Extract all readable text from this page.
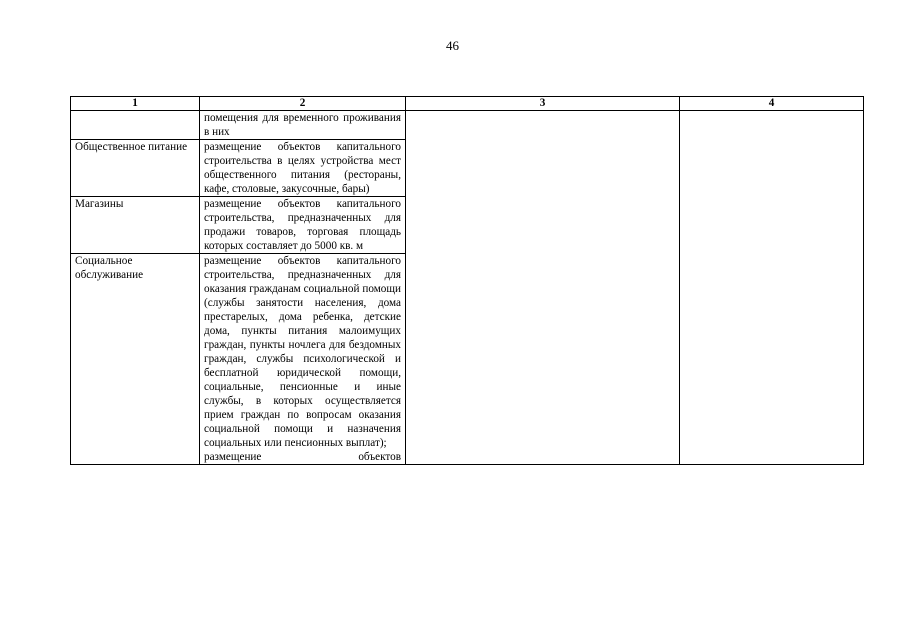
46
1	2	3	4

	помещения для временного проживания в них		

Общественное питание	размещение объектов капитального строительства в целях устройства мест общественного питания (рестораны, кафе, столовые, закусочные, бары)		

Магазины	размещение объектов капитального строительства, предназначенных для продажи товаров, торговая площадь которых составляет до 5000 кв. м		

Социальное обслуживание	размещение объектов капитального строительства, предназначенных для оказания гражданам социальной помощи (службы занятости населения, дома престарелых, дома ребенка, детские дома, пункты питания малоимущих граждан, пункты ночлега для бездомных граждан, службы психологической и бесплатной юридической помощи, социальные, пенсионные и иные службы, в которых осуществляется прием граждан по вопросам оказания социальной помощи и назначения социальных или пенсионных выплат);

размещение объектов		
